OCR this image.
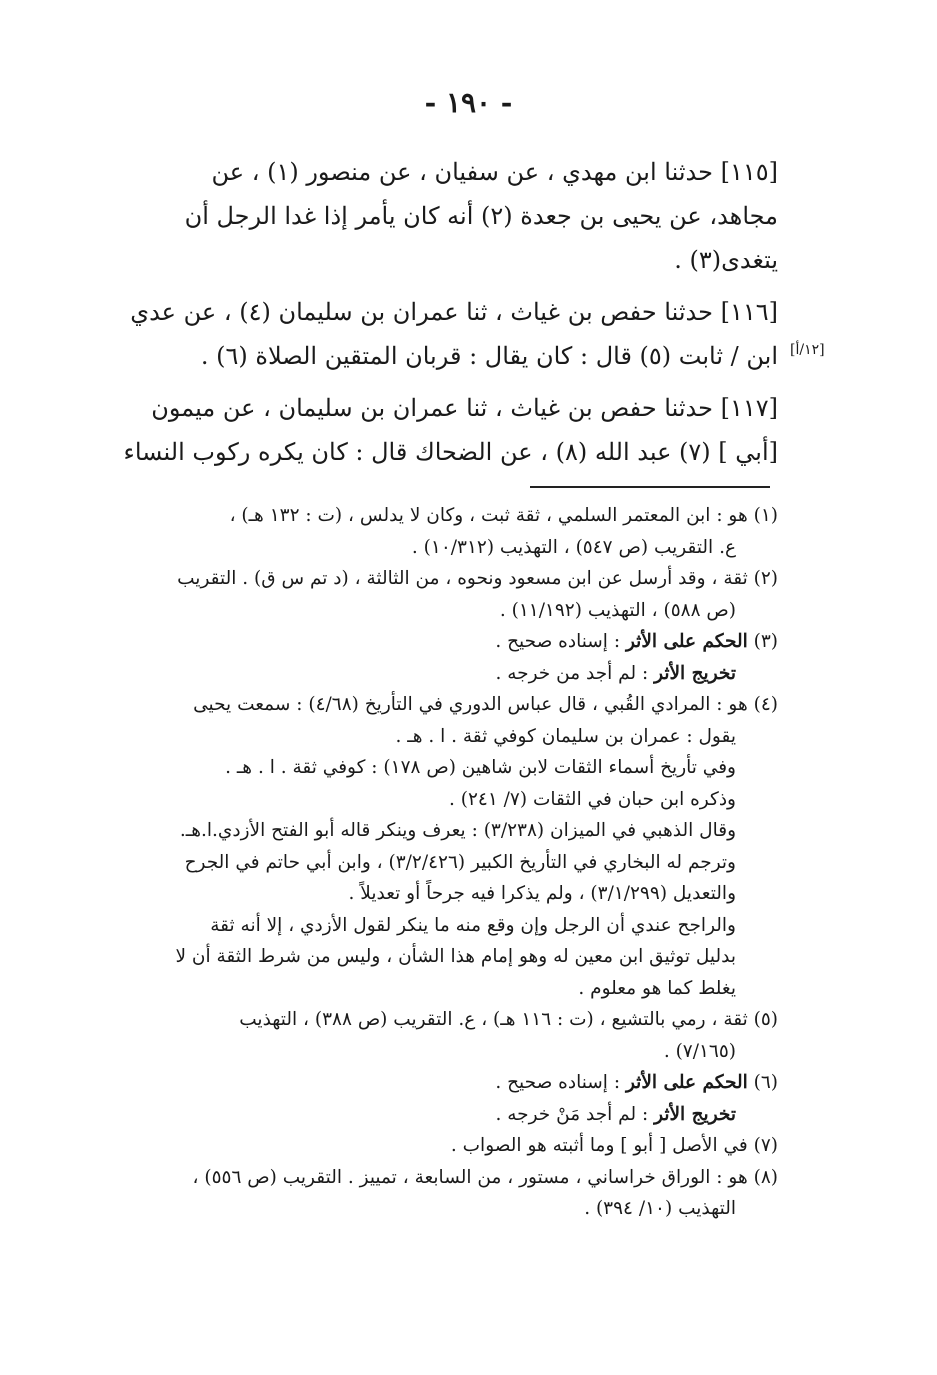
- ١٩٠ -
[١٢/أ]
[١١٥] حدثنا ابن مهدي ، عن سفيان ، عن منصور (١) ، عن
مجاهد، عن يحيى بن جعدة (٢) أنه كان يأمر إذا غدا الرجل أن
يتغدى(٣) .
[١١٦] حدثنا حفص بن غياث ، ثنا عمران بن سليمان (٤) ، عن عدي
ابن / ثابت (٥) قال : كان يقال : قربان المتقين الصلاة (٦) .
[١١٧] حدثنا حفص بن غياث ، ثنا عمران بن سليمان ، عن ميمون
[أبي ] (٧) عبد الله (٨) ، عن الضحاك قال : كان يكره ركوب النساء
(١) هو : ابن المعتمر السلمي ، ثقة ثبت ، وكان لا يدلس ، (ت : ١٣٢ هـ) ،
ع. التقريب (ص ٥٤٧) ، التهذيب (١٠/٣١٢) .
(٢) ثقة ، وقد أرسل عن ابن مسعود ونحوه ، من الثالثة ، (د تم س ق) . التقريب
(ص ٥٨٨) ، التهذيب (١١/١٩٢) .
(٣) الحكم على الأثر : إسناده صحيح .
تخريج الأثر : لم أجد من خرجه .
(٤) هو : المرادي القُبي ، قال عباس الدوري في التأريخ (٤/٦٨) : سمعت يحيى
يقول : عمران بن سليمان كوفي ثقة . ا . هـ .
وفي تأريخ أسماء الثقات لابن شاهين (ص ١٧٨) : كوفي ثقة . ا . هـ .
وذكره ابن حبان في الثقات (٧/ ٢٤١) .
وقال الذهبي في الميزان (٣/٢٣٨) : يعرف وينكر قاله أبو الفتح الأزدي.ا.هـ.
وترجم له البخاري في التأريخ الكبير (٣/٢/٤٢٦) ، وابن أبي حاتم في الجرح
والتعديل (٣/١/٢٩٩) ، ولم يذكرا فيه جرحاً أو تعديلاً .
والراجح عندي أن الرجل وإن وقع منه ما ينكر لقول الأزدي ، إلا أنه ثقة
بدليل توثيق ابن معين له وهو إمام هذا الشأن ، وليس من شرط الثقة أن لا
يغلط كما هو معلوم .
(٥) ثقة ، رمي بالتشيع ، (ت : ١١٦ هـ) ، ع. التقريب (ص ٣٨٨) ، التهذيب
(٧/١٦٥) .
(٦) الحكم على الأثر : إسناده صحيح .
تخريج الأثر : لم أجد مَنْ خرجه .
(٧) في الأصل [ أبو ] وما أثبته هو الصواب .
(٨) هو : الوراق خراساني ، مستور ، من السابعة ، تمييز . التقريب (ص ٥٥٦) ،
التهذيب (١٠/ ٣٩٤) .
